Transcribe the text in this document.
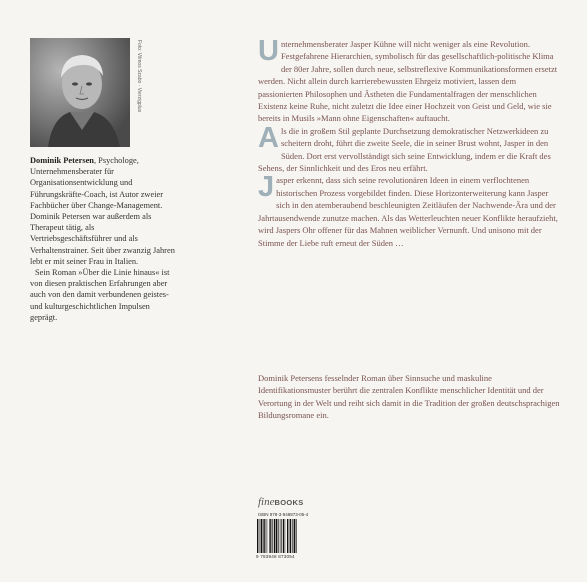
Foto: Vilmos Szabo · Vierzigplus

Dominik Petersen, Psychologe, Unternehmensberater für Organisationsentwicklung und Führungskräfte-Coach, ist Autor zweier Fachbücher über Change-Management. Dominik Petersen war außerdem als Therapeut tätig, als Vertriebsgeschäftsführer und als Verhaltenstrainer. Seit über zwanzig Jahren lebt er mit seiner Frau in Italien.

Sein Roman »Über die Linie hinaus« ist von diesen praktischen Erfahrungen aber auch von den damit verbundenen geistes- und kulturgeschichtlichen Impulsen geprägt.

Unternehmensberater Jasper Kühne will nicht weniger als eine Revolution. Festgefahrene Hierarchien, symbolisch für das gesellschaftlich-politische Klima der 80er Jahre, sollen durch neue, selbstreflexive Kommunikationsformen ersetzt werden. Nicht allein durch karrierebewussten Ehrgeiz motiviert, lassen dem passionierten Philosophen und Ästheten die Fundamentalfragen der menschlichen Existenz keine Ruhe, nicht zuletzt die Idee einer Hochzeit von Geist und Geld, wie sie bereits in Musils »Mann ohne Eigenschaften« auftaucht.

Als die in großem Stil geplante Durchsetzung demokratischer Netzwerkideen zu scheitern droht, führt die zweite Seele, die in seiner Brust wohnt, Jasper in den Süden. Dort erst vervollständigt sich seine Entwicklung, indem er die Kraft des Sehens, der Sinnlichkeit und des Eros neu erfährt.

Jasper erkennt, dass sich seine revolutionären Ideen in einem verflochtenen historischen Prozess vorgebildet finden. Diese Horizonterweiterung kann Jasper sich in den atemberaubend beschleunigten Zeitläufen der Nachwende-Ära und der Jahrtausendwende zunutze machen. Als das Wetterleuchten neuer Konflikte heraufzieht, wird Jaspers Ohr offener für das Mahnen weiblicher Vernunft. Und unisono mit der Stimme der Liebe ruft erneut der Süden …

Dominik Petersens fesselnder Roman über Sinnsuche und maskuline Identifikationsmuster berührt die zentralen Konflikte menschlicher Identität und der Verortung in der Welt und reiht sich damit in die Tradition der großen deutschsprachigen Bildungsromane ein.

fineBOOKS
ISBN 978-3-948873-05-4
9 783948 873054
